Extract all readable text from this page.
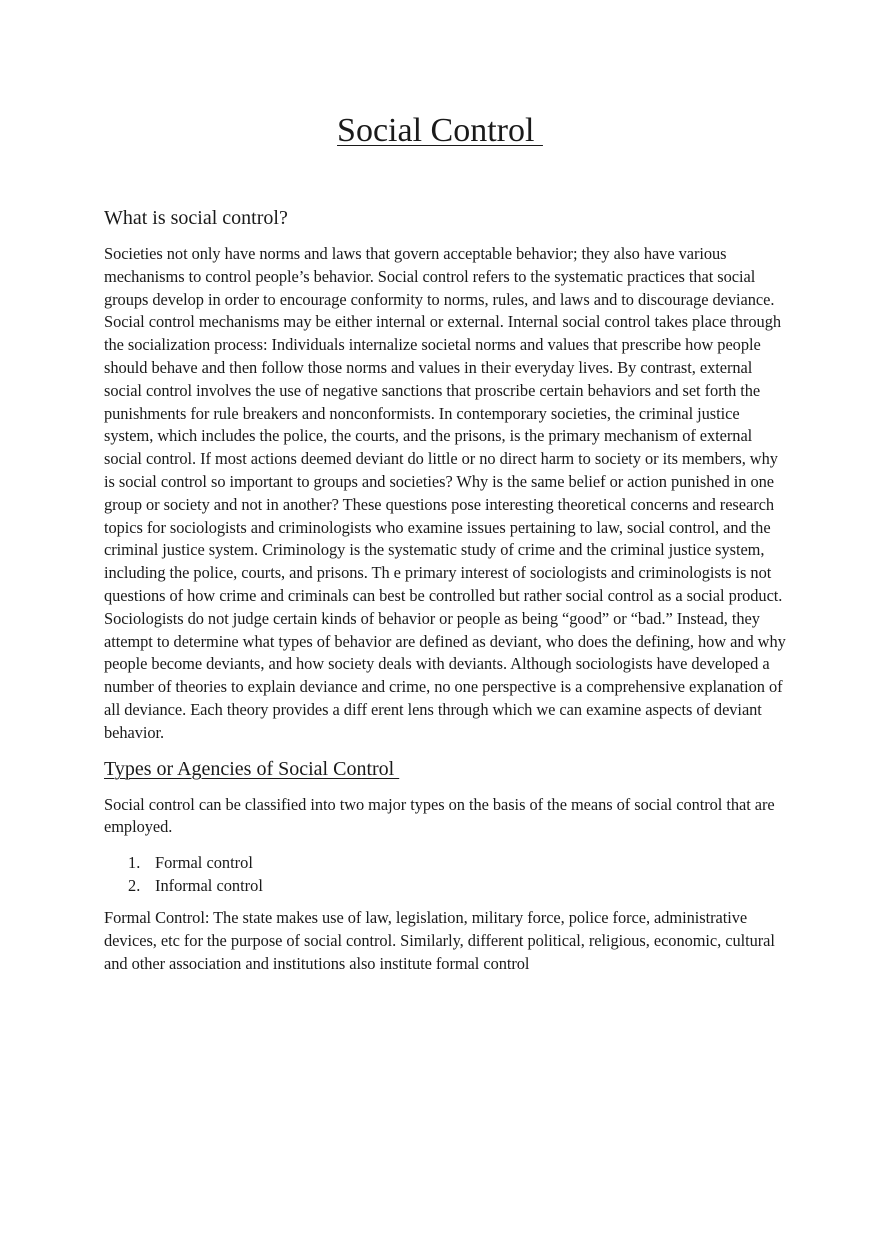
Social Control
What is social control?

Societies not only have norms and laws that govern acceptable behavior; they also have various mechanisms to control people’s behavior. Social control refers to the systematic practices that social groups develop in order to encourage conformity to norms, rules, and laws and to discourage deviance. Social control mechanisms may be either internal or external. Internal social control takes place through the socialization process: Individuals internalize societal norms and values that prescribe how people should behave and then follow those norms and values in their everyday lives. By contrast, external social control involves the use of negative sanctions that proscribe certain behaviors and set forth the punishments for rule breakers and nonconformists. In contemporary societies, the criminal justice system, which includes the police, the courts, and the prisons, is the primary mechanism of external social control. If most actions deemed deviant do little or no direct harm to society or its members, why is social control so important to groups and societies? Why is the same belief or action punished in one group or society and not in another? These questions pose interesting theoretical concerns and research topics for sociologists and criminologists who examine issues pertaining to law, social control, and the criminal justice system. Criminology is the systematic study of crime and the criminal justice system, including the police, courts, and prisons. Th e primary interest of sociologists and criminologists is not questions of how crime and criminals can best be controlled but rather social control as a social product. Sociologists do not judge certain kinds of behavior or people as being “good” or “bad.” Instead, they attempt to determine what types of behavior are defined as deviant, who does the defining, how and why people become deviants, and how society deals with deviants. Although sociologists have developed a number of theories to explain deviance and crime, no one perspective is a comprehensive explanation of all deviance. Each theory provides a diff erent lens through which we can examine aspects of deviant behavior.

Types or Agencies of Social Control

Social control can be classified into two major types on the basis of the means of social control that are employed.

1. Formal control
2. Informal control

Formal Control: The state makes use of law, legislation, military force, police force, administrative devices, etc for the purpose of social control. Similarly, different political, religious, economic, cultural and other association and institutions also institute formal control
